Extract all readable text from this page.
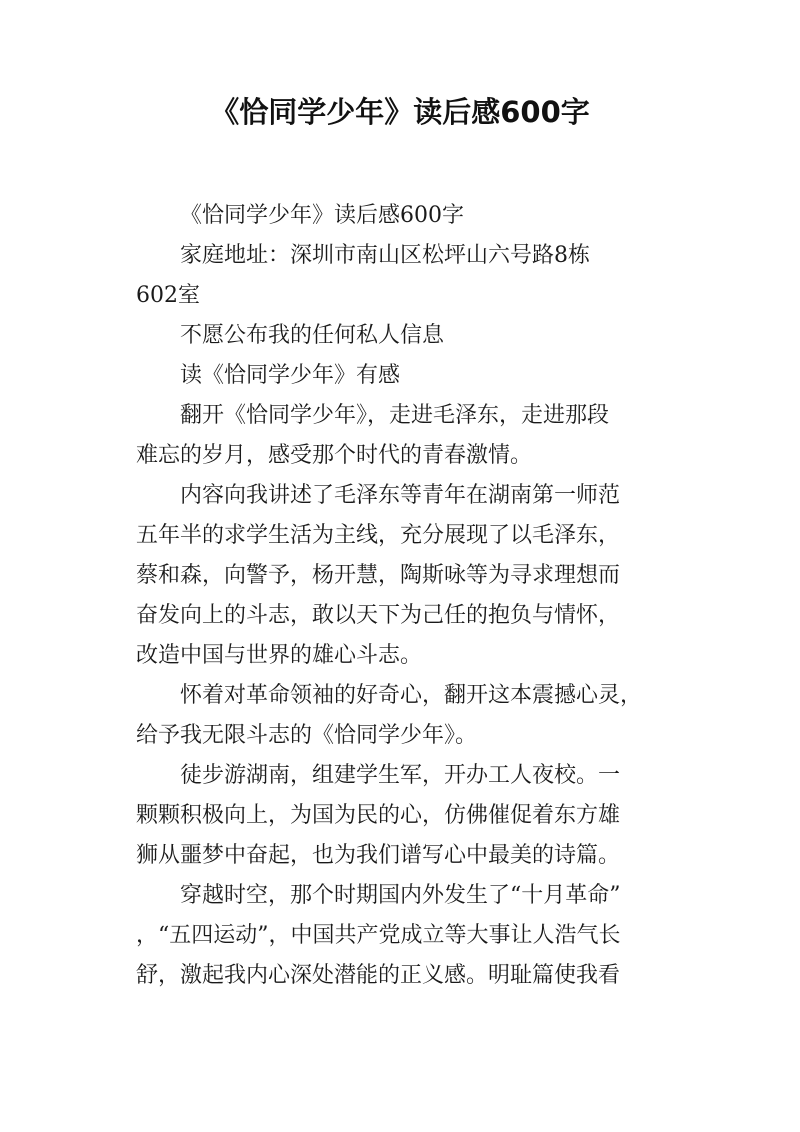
《恰同学少年》读后感600字
《恰同学少年》读后感600字
家庭地址：深圳市南山区松坪山六号路8栋
602室
不愿公布我的任何私人信息
读《恰同学少年》有感
翻开《恰同学少年》，走进毛泽东，走进那段
难忘的岁月，感受那个时代的青春激情。
内容向我讲述了毛泽东等青年在湖南第一师范
五年半的求学生活为主线，充分展现了以毛泽东，
蔡和森，向警予，杨开慧，陶斯咏等为寻求理想而
奋发向上的斗志，敢以天下为己任的抱负与情怀，
改造中国与世界的雄心斗志。
怀着对革命领袖的好奇心，翻开这本震撼心灵，
给予我无限斗志的《恰同学少年》。
徒步游湖南，组建学生军，开办工人夜校。一
颗颗积极向上，为国为民的心，仿佛催促着东方雄
狮从噩梦中奋起，也为我们谱写心中最美的诗篇。
穿越时空，那个时期国内外发生了“十月革命”
，“五四运动”，中国共产党成立等大事让人浩气长
舒，激起我内心深处潜能的正义感。明耻篇使我看
